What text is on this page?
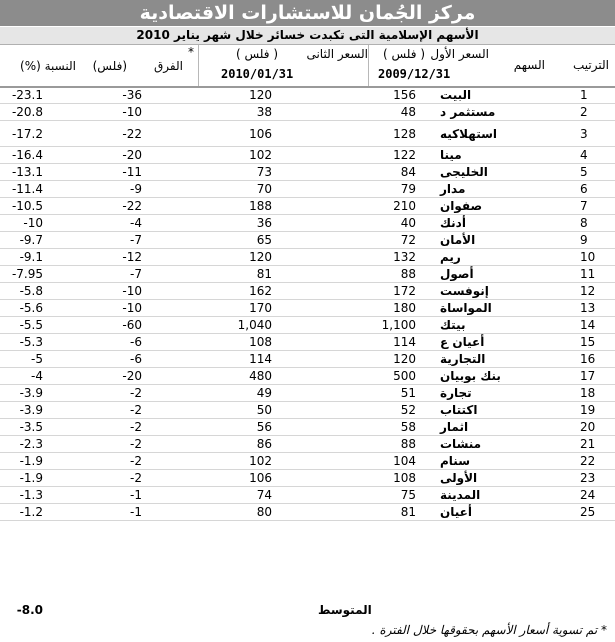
مركز الجُمان للاستشارات الاقتصادية
الأسهم الإسلامية التى تكبدت خسائر خلال شهر يناير 2010
الترتيب
السهم
السعر الأول
( فلس )
2009/12/31
السعر الثانى
( فلس )
*
2010/01/31
الفرق
(فلس)
النسبة (%)
1
البيت
156
120
-36
-23.1
2
مستثمر د
48
38
-10
-20.8
3
استهلاكيه
128
106
-22
-17.2
4
مينا
122
102
-20
-16.4
5
الخليجى
84
73
-11
-13.1
6
مدار
79
70
-9
-11.4
7
صفوان
210
188
-22
-10.5
8
أدنك
40
36
-4
-10
9
الأمان
72
65
-7
-9.7
10
ريم
132
120
-12
-9.1
11
أصول
88
81
-7
-7.95
12
إنوفست
172
162
-10
-5.8
13
المواساة
180
170
-10
-5.6
14
بيتك
1,100
1,040
-60
-5.5
15
أعيان ع
114
108
-6
-5.3
16
التجارية
120
114
-6
-5
17
بنك بوبيان
500
480
-20
-4
18
تجارة
51
49
-2
-3.9
19
اكتتاب
52
50
-2
-3.9
20
اثمار
58
56
-2
-3.5
21
منشات
88
86
-2
-2.3
22
سنام
104
102
-2
-1.9
23
الأولى
108
106
-2
-1.9
24
المدينة
75
74
-1
-1.3
25
أعيان
81
80
-1
-1.2
المتوسط
-8.0
* تم تسوية أسعار الأسهم بحقوقها خلال الفترة .
